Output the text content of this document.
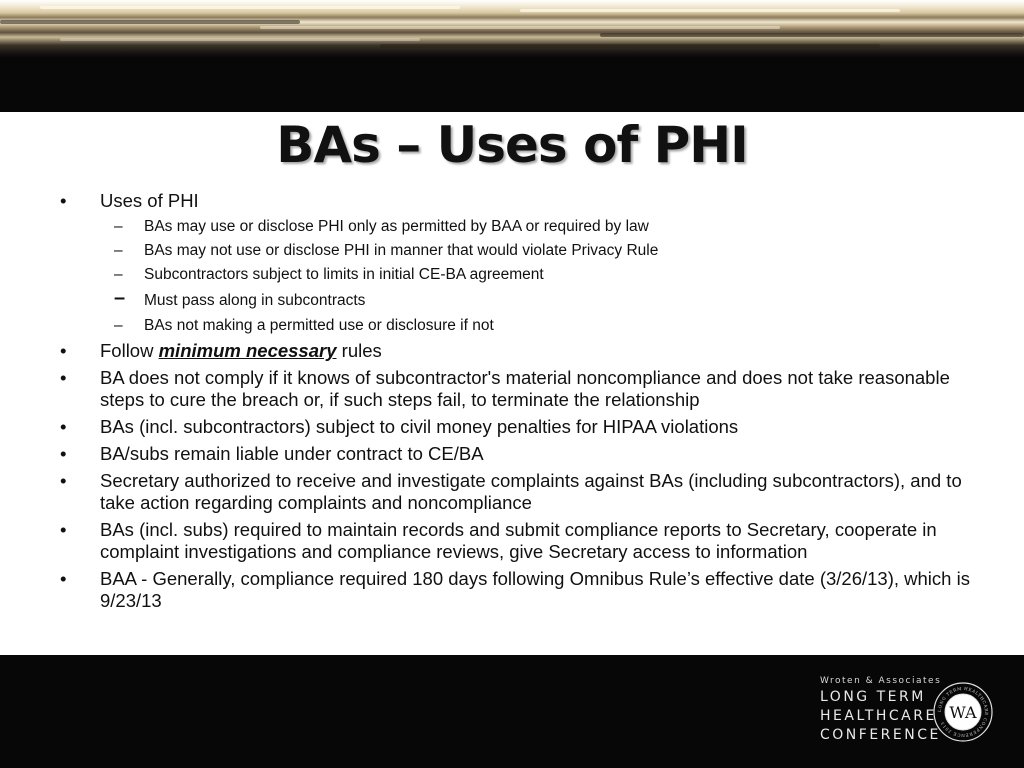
BAs – Uses of PHI
•	Uses of PHI
– BAs may use or disclose PHI only as permitted by BAA or required by law
– BAs may not use or disclose PHI in manner that would violate Privacy Rule
– Subcontractors subject to limits in initial CE-BA agreement
– Must pass along in subcontracts
– BAs not making a permitted use or disclosure if not
•	Follow minimum necessary rules
•	BA does not comply if it knows of subcontractor's material noncompliance and does not take reasonable steps to cure the breach or, if such steps fail, to terminate the relationship
•	BAs (incl. subcontractors) subject to civil money penalties for HIPAA violations
•	BA/subs remain liable under contract to CE/BA
•	Secretary authorized to receive and investigate complaints against BAs (including subcontractors), and to take action regarding complaints and noncompliance
•	BAs (incl. subs) required to maintain records and submit compliance reports to Secretary, cooperate in complaint investigations and compliance reviews, give Secretary access to information
•	BAA - Generally, compliance required 180 days following Omnibus Rule’s effective date (3/26/13), which is 9/23/13
Wroten & Associates
LONG TERM
HEALTHCARE
CONFERENCE
LONG TERM HEALTHCARE CONFERENCE 2013
WA
